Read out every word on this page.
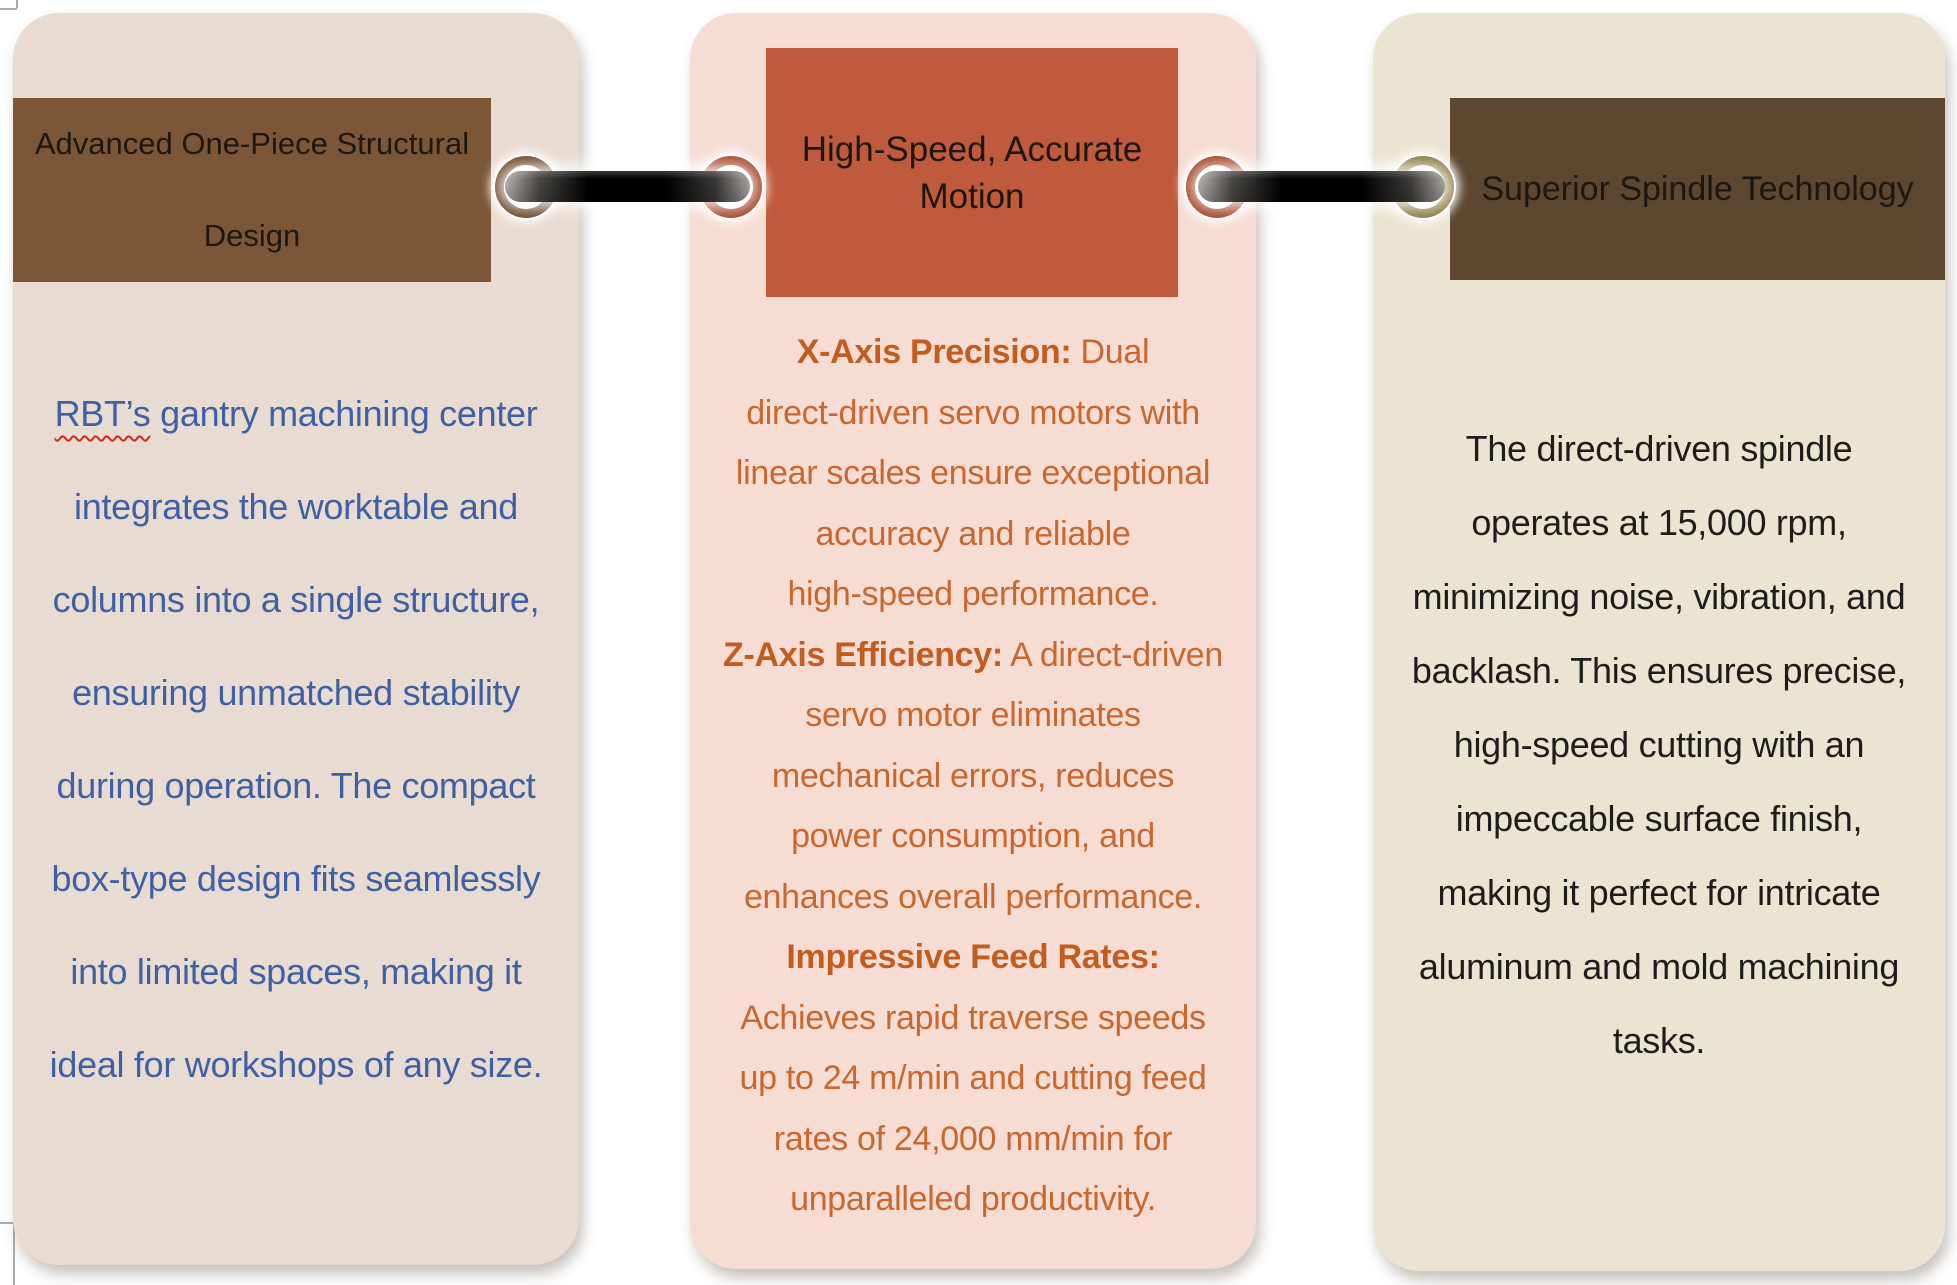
Advanced One-Piece Structural
Design
RBT’s gantry machining center
integrates the worktable and
columns into a single structure,
ensuring unmatched stability
during operation. The compact
box-type design fits seamlessly
into limited spaces, making it
ideal for workshops of any size.
High-Speed, Accurate
Motion
X-Axis Precision: Dual
direct-driven servo motors with
linear scales ensure exceptional
accuracy and reliable
high-speed performance.
Z-Axis Efficiency: A direct-driven
servo motor eliminates
mechanical errors, reduces
power consumption, and
enhances overall performance.
Impressive Feed Rates:
Achieves rapid traverse speeds
up to 24 m/min and cutting feed
rates of 24,000 mm/min for
unparalleled productivity.
Superior Spindle Technology
The direct-driven spindle
operates at 15,000 rpm,
minimizing noise, vibration, and
backlash. This ensures precise,
high-speed cutting with an
impeccable surface finish,
making it perfect for intricate
aluminum and mold machining
tasks.
